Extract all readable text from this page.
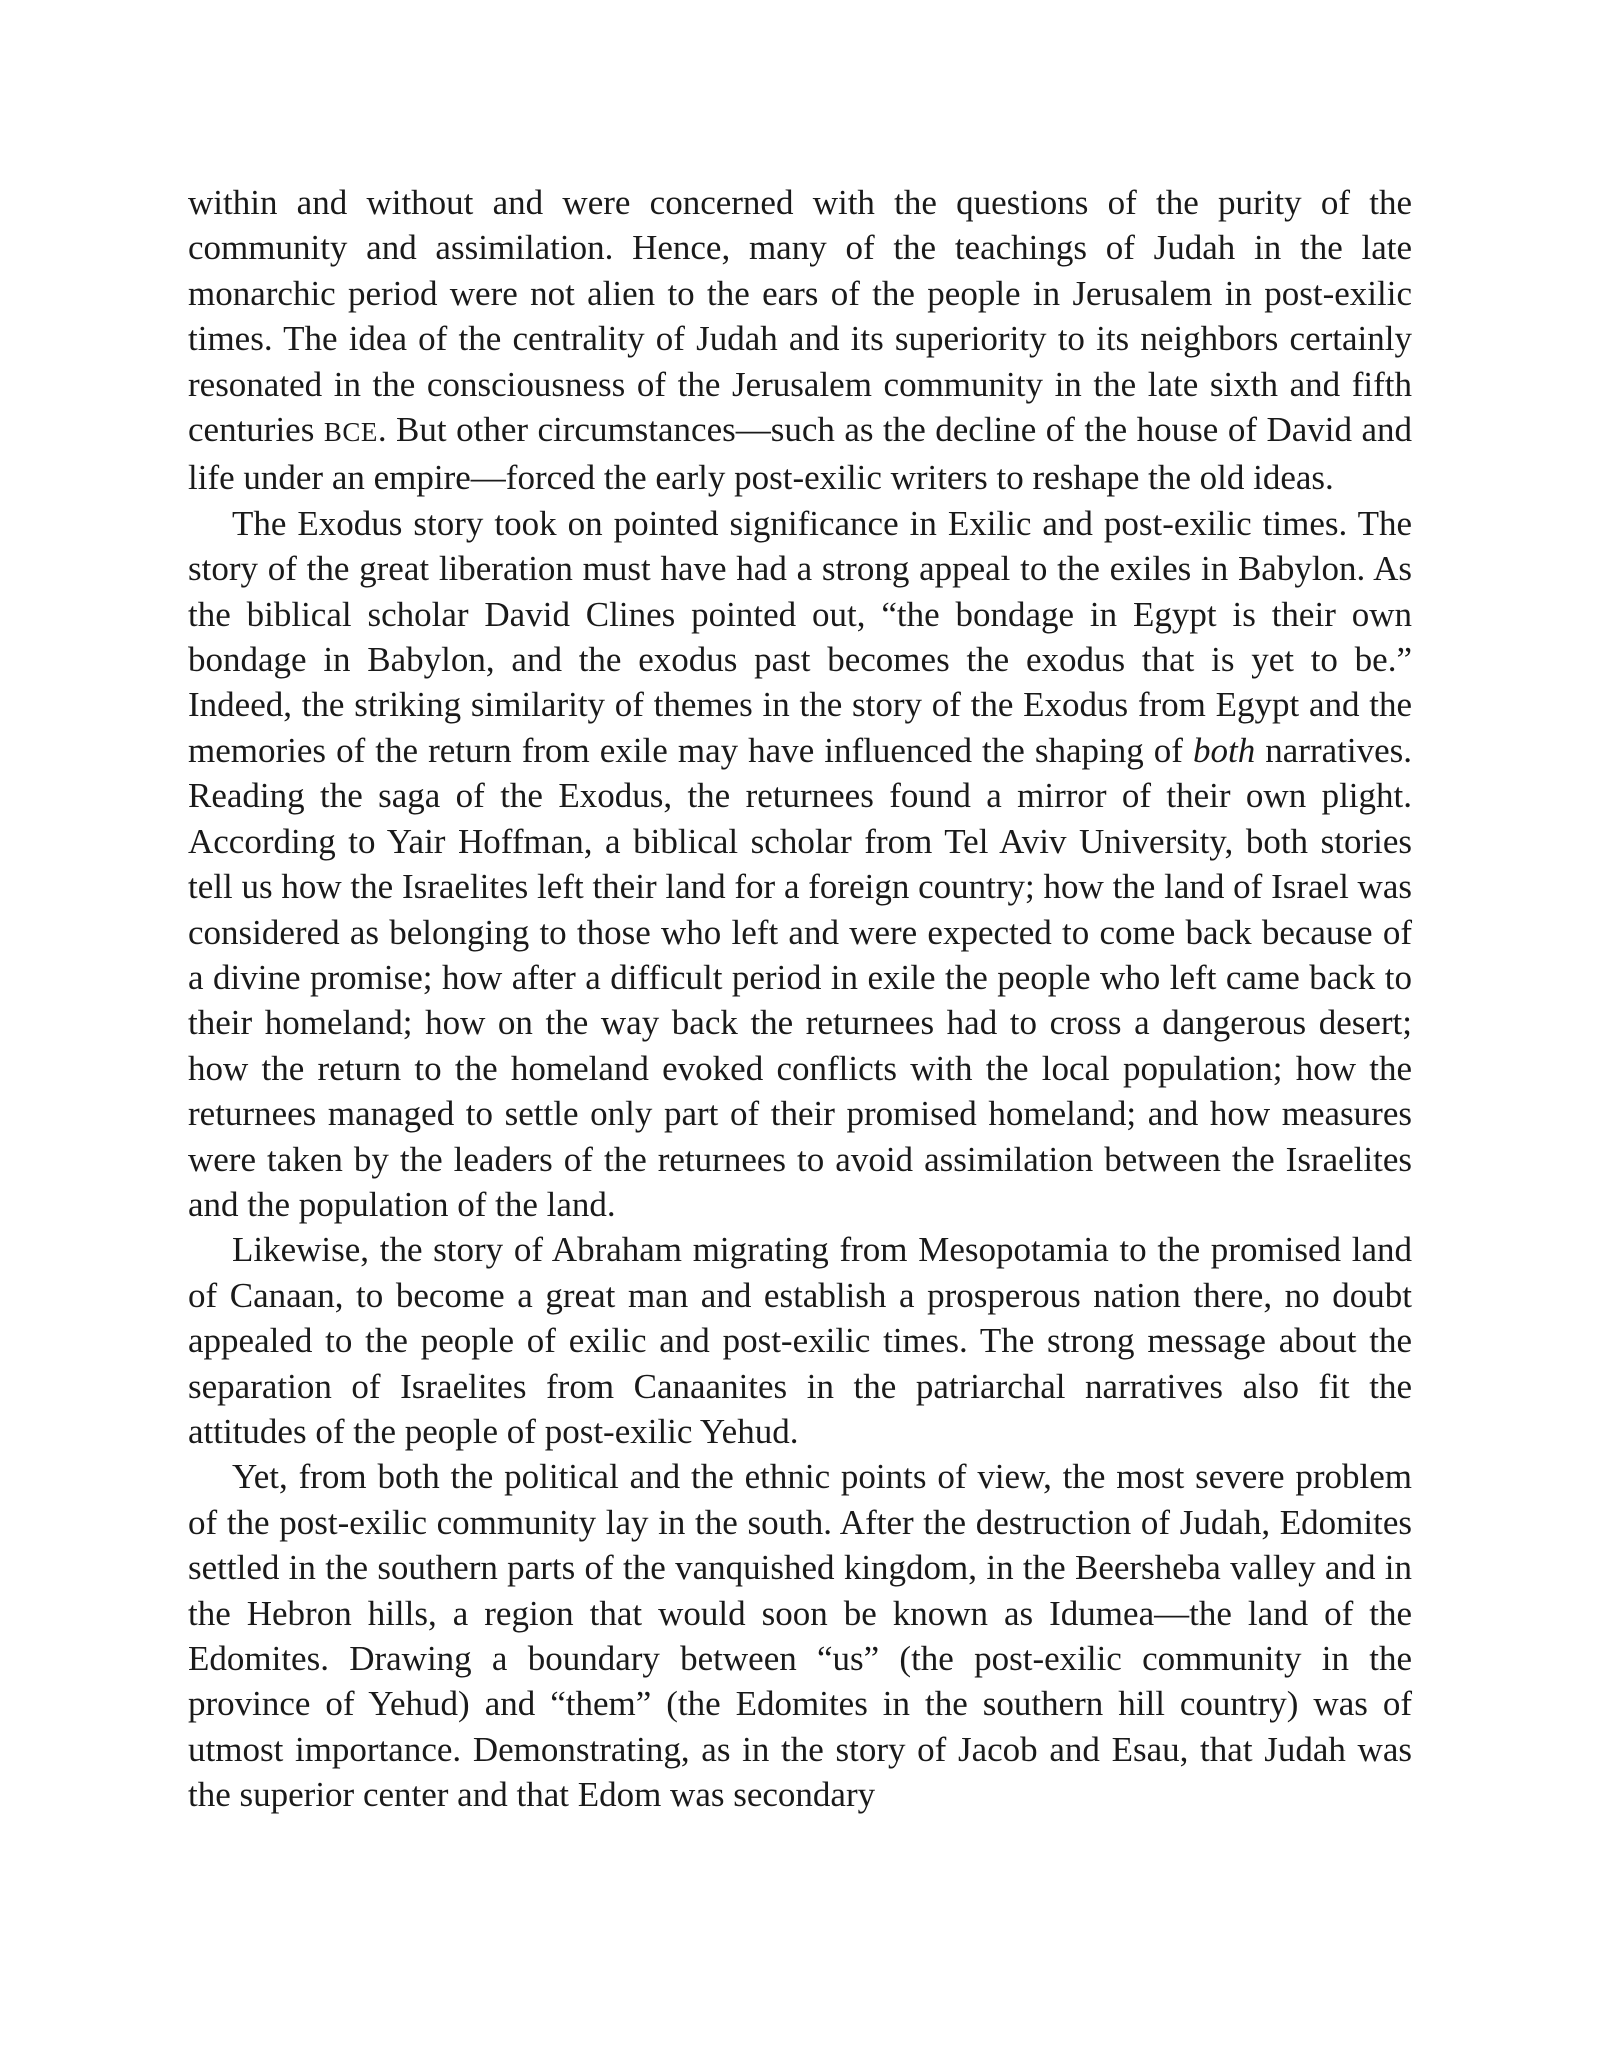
within and without and were concerned with the questions of the purity of the community and assimilation. Hence, many of the teachings of Judah in the late monarchic period were not alien to the ears of the people in Jerusalem in post-exilic times. The idea of the centrality of Judah and its superiority to its neighbors certainly resonated in the consciousness of the Jerusalem community in the late sixth and fifth centuries BCE. But other circumstances—such as the decline of the house of David and life under an empire—forced the early post-exilic writers to reshape the old ideas.

The Exodus story took on pointed significance in Exilic and post-exilic times. The story of the great liberation must have had a strong appeal to the exiles in Babylon. As the biblical scholar David Clines pointed out, “the bondage in Egypt is their own bondage in Babylon, and the exodus past becomes the exodus that is yet to be.” Indeed, the striking similarity of themes in the story of the Exodus from Egypt and the memories of the return from exile may have influenced the shaping of both narratives. Reading the saga of the Exodus, the returnees found a mirror of their own plight. According to Yair Hoffman, a biblical scholar from Tel Aviv University, both stories tell us how the Israelites left their land for a foreign country; how the land of Israel was considered as belonging to those who left and were expected to come back because of a divine promise; how after a difficult period in exile the people who left came back to their homeland; how on the way back the returnees had to cross a dangerous desert; how the return to the homeland evoked conflicts with the local population; how the returnees managed to settle only part of their promised homeland; and how measures were taken by the leaders of the returnees to avoid assimilation between the Israelites and the population of the land.

Likewise, the story of Abraham migrating from Mesopotamia to the promised land of Canaan, to become a great man and establish a prosperous nation there, no doubt appealed to the people of exilic and post-exilic times. The strong message about the separation of Israelites from Canaanites in the patriarchal narratives also fit the attitudes of the people of post-exilic Yehud.

Yet, from both the political and the ethnic points of view, the most severe problem of the post-exilic community lay in the south. After the destruction of Judah, Edomites settled in the southern parts of the vanquished kingdom, in the Beersheba valley and in the Hebron hills, a region that would soon be known as Idumea—the land of the Edomites. Drawing a boundary between “us” (the post-exilic community in the province of Yehud) and “them” (the Edomites in the southern hill country) was of utmost importance. Demonstrating, as in the story of Jacob and Esau, that Judah was the superior center and that Edom was secondary
